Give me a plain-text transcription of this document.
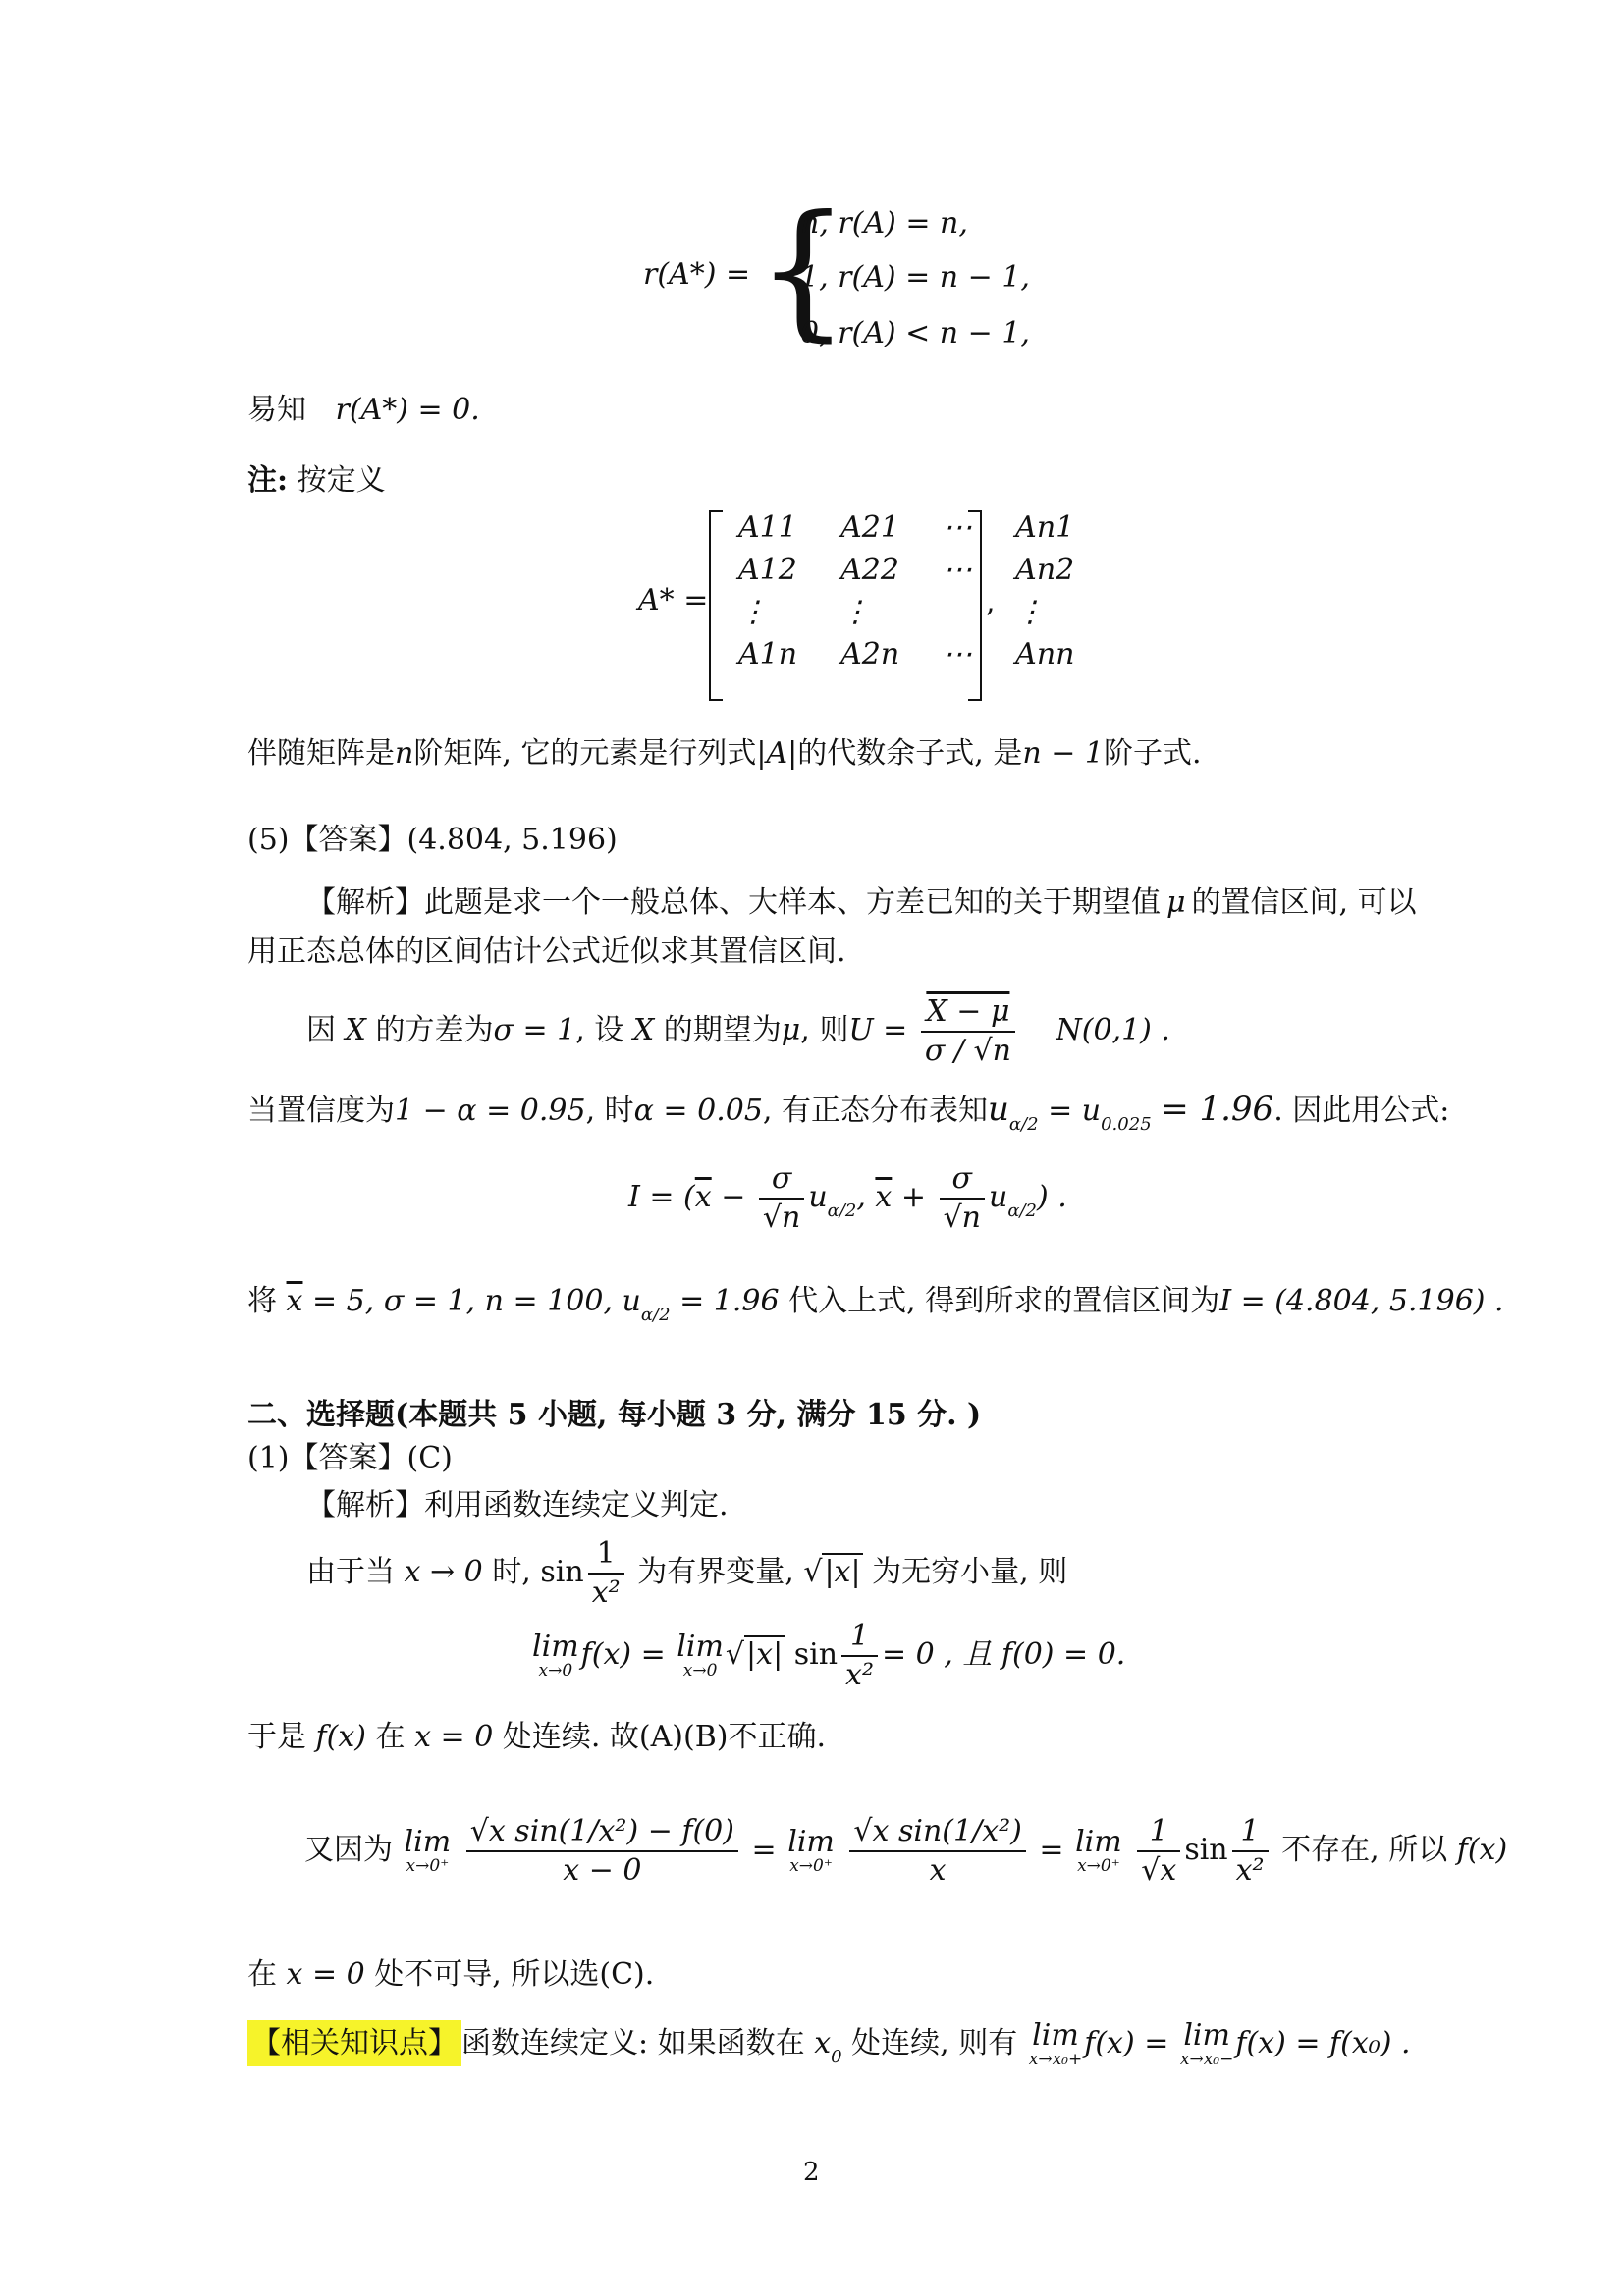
r(A*) = {
n, r(A) = n,
1, r(A) = n − 1,
0, r(A) < n − 1,
易知 r(A*) = 0.
注: 按定义
A* =
A11	A21	⋯	An1
A12	A22	⋯	An2
⋮	⋮		⋮
A1n	A2n	⋯	Ann
,
伴随矩阵是n阶矩阵, 它的元素是行列式|A|的代数余子式, 是n − 1阶子式.
(5)【答案】(4.804, 5.196)
【解析】此题是求一个一般总体、大样本、方差已知的关于期望值 μ 的置信区间, 可以
用正态总体的区间估计公式近似求其置信区间.
因 X 的方差为σ = 1, 设 X 的期望为μ, 则$U = \frac{X - \mu}{\sigma / √n} N(0,1)$ .
当置信度为1 − α = 0.95, 时α = 0.05, 有正态分布表知$u_{\alpha/2} = u_{0.025} = 1.96$. 因此用公式:
$I = (\overline{x} - \frac{\sigma}{√n} u_{\alpha/2}$, $\overline{x} + \frac{\sigma}{√n} u_{\alpha/2}$) .
将 $\overline{x} = 5$, σ = 1, n = 100, $u_{\alpha/2} = 1.96$ 代入上式, 得到所求的置信区间为I = (4.804, 5.196) .
二、选择题(本题共 5 小题, 每小题 3 分, 满分 15 分. )
(1)【答案】(C)
【解析】利用函数连续定义判定.
由于当 x → 0 时, $\sin \frac{1}{\text{x²}}$ 为有界变量, √|x| 为无穷小量, 则
lim
x→0 f(x) = lim
x→0 √|x| $\sin \frac{1}{\text{x²}} = 0$ , 且 f(0) = 0.
于是 f(x) 在 x = 0 处连续. 故(A)(B)不正确.
又因为 lim
x→0⁺
$\frac{\text{√x sin(1/x²) − f(0)}}{x - 0} = \lim$
x→0⁺
$\frac{\text{√x sin(1/x²)}}{x} = \lim$
x→0⁺
$\frac{1}{√x}$ $\sin \frac{1}{\text{x²}}$ 不存在, 所以 f(x)
在 x = 0 处不可导, 所以选(C).
【相关知识点】 函数连续定义: 如果函数在 $x_0$ 处连续, 则有 lim
x→x₀+ f(x) = lim
x→x₀− f(x) = f(x₀) .
2
